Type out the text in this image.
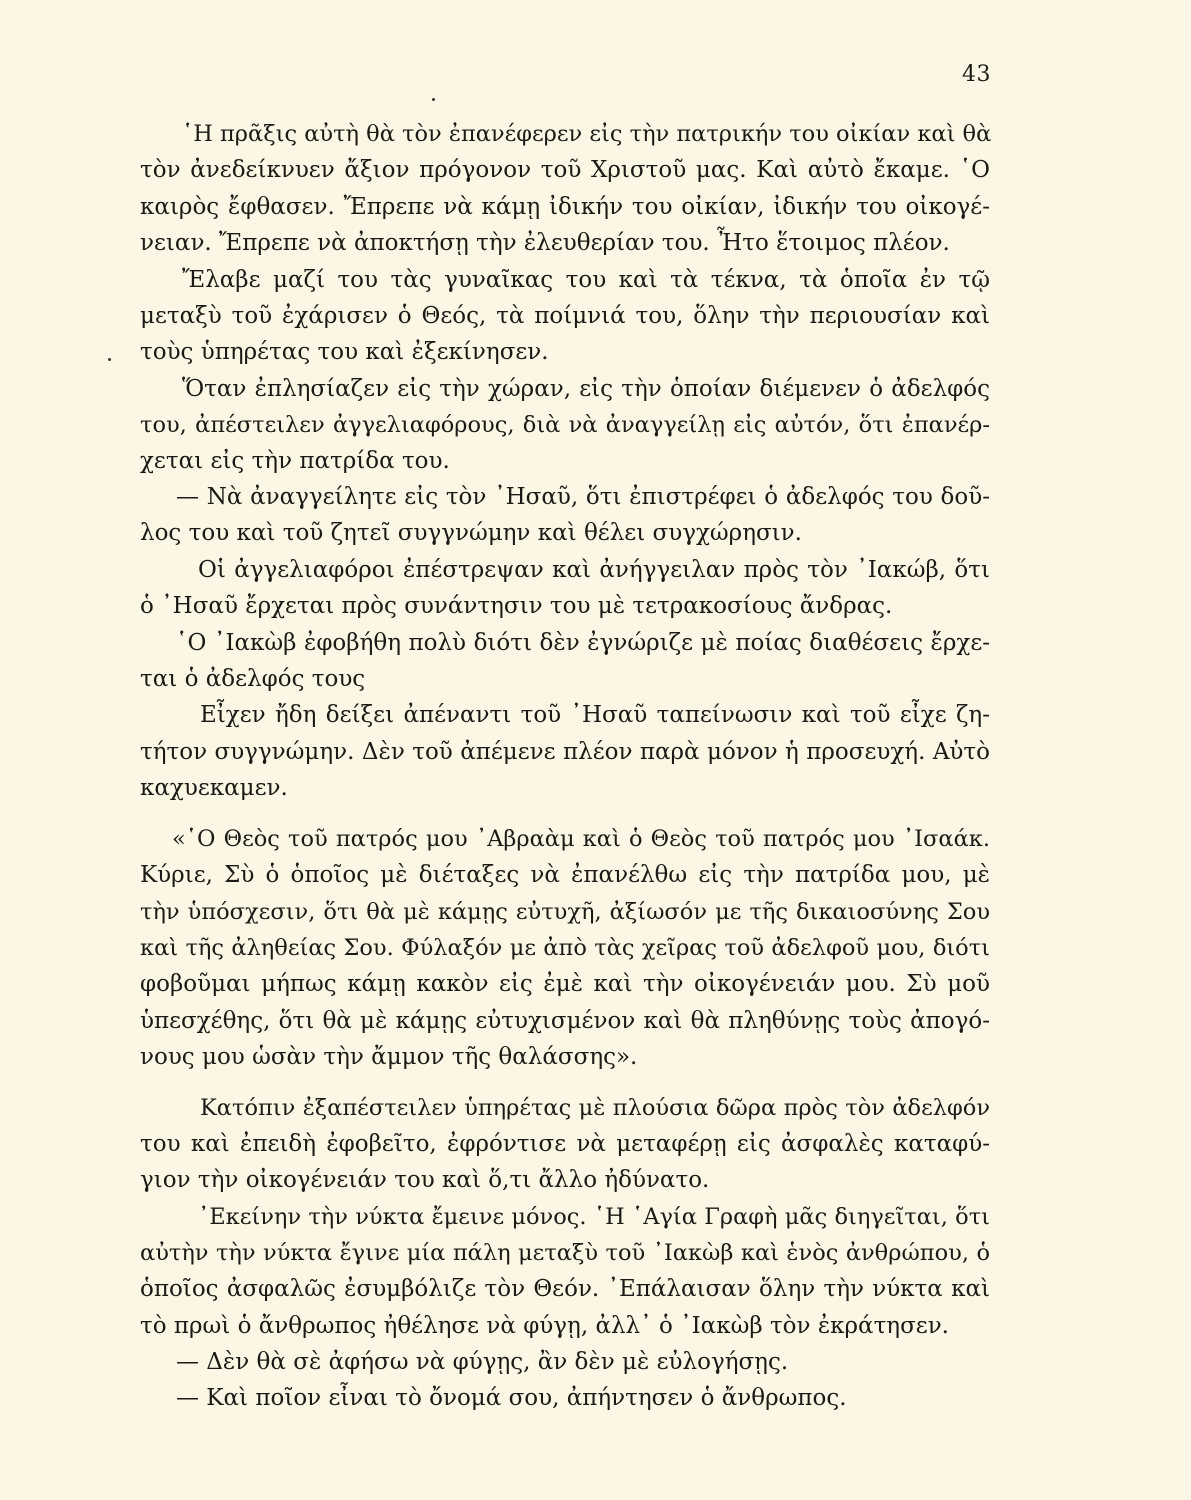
43
῾Η πρᾶξις αὐτὴ θὰ τὸν ἐπανέφερεν εἰς τὴν πατρικήν του οἰκίαν καὶ θὰ
τὸν ἀνεδείκνυεν ἄξιον πρόγονον τοῦ Χριστοῦ μας. Καὶ αὐτὸ ἔκαμε. ῾Ο
καιρὸς ἔφθασεν. Ἔπρεπε νὰ κάμῃ ἰδικήν του οἰκίαν, ἰδικήν του οἰκογέ-
νειαν. Ἔπρεπε νὰ ἀποκτήσῃ τὴν ἐλευθερίαν του. Ἦτο ἕτοιμος πλέον.
Ἔλαβε μαζί του τὰς γυναῖκας του καὶ τὰ τέκνα, τὰ ὁποῖα ἐν τῷ
μεταξὺ τοῦ ἐχάρισεν ὁ Θεός, τὰ ποίμνιά του, ὅλην τὴν περιουσίαν καὶ
τοὺς ὑπηρέτας του καὶ ἐξεκίνησεν.
Ὅταν ἐπλησίαζεν εἰς τὴν χώραν, εἰς τὴν ὁποίαν διέμενεν ὁ ἀδελφός
του, ἀπέστειλεν ἀγγελιαφόρους, διὰ νὰ ἀναγγείλῃ εἰς αὐτόν, ὅτι ἐπανέρ-
χεται εἰς τὴν πατρίδα του.
— Νὰ ἀναγγείλητε εἰς τὸν ᾿Ησαῦ, ὅτι ἐπιστρέφει ὁ ἀδελφός του δοῦ-
λος του καὶ τοῦ ζητεῖ συγγνώμην καὶ θέλει συγχώρησιν.
Οἱ ἀγγελιαφόροι ἐπέστρεψαν καὶ ἀνήγγειλαν πρὸς τὸν ᾿Ιακώβ, ὅτι
ὁ ᾿Ησαῦ ἔρχεται πρὸς συνάντησιν του μὲ τετρακοσίους ἄνδρας.
῾Ο ᾿Ιακὼβ ἐφοβήθη πολὺ διότι δὲν ἐγνώριζε μὲ ποίας διαθέσεις ἔρχε-
ται ὁ ἀδελφός τους
Εἶχεν ἤδη δείξει ἀπέναντι τοῦ ᾿Ησαῦ ταπείνωσιν καὶ τοῦ εἶχε ζη-
τήτον συγγνώμην. Δὲν τοῦ ἀπέμενε πλέον παρὰ μόνον ἡ προσευχή. Αὐτὸ
καχυεκαμεν.
«῾Ο Θεὸς τοῦ πατρός μου ᾿Αβραὰμ καὶ ὁ Θεὸς τοῦ πατρός μου ᾿Ισαάκ.
Κύριε, Σὺ ὁ ὁποῖος μὲ διέταξες νὰ ἐπανέλθω εἰς τὴν πατρίδα μου, μὲ
τὴν ὑπόσχεσιν, ὅτι θὰ μὲ κάμῃς εὐτυχῆ, ἀξίωσόν με τῆς δικαιοσύνης Σου
καὶ τῆς ἀληθείας Σου. Φύλαξόν με ἀπὸ τὰς χεῖρας τοῦ ἀδελφοῦ μου, διότι
φοβοῦμαι μήπως κάμῃ κακὸν εἰς ἐμὲ καὶ τὴν οἰκογένειάν μου. Σὺ μοῦ
ὑπεσχέθης, ὅτι θὰ μὲ κάμῃς εὐτυχισμένον καὶ θὰ πληθύνῃς τοὺς ἀπογό-
νους μου ὡσὰν τὴν ἄμμον τῆς θαλάσσης».
Κατόπιν ἐξαπέστειλεν ὑπηρέτας μὲ πλούσια δῶρα πρὸς τὸν ἀδελφόν
του καὶ ἐπειδὴ ἐφοβεῖτο, ἐφρόντισε νὰ μεταφέρῃ εἰς ἀσφαλὲς καταφύ-
γιον τὴν οἰκογένειάν του καὶ ὅ,τι ἄλλο ἠδύνατο.
᾿Εκείνην τὴν νύκτα ἔμεινε μόνος. ῾Η ῾Αγία Γραφὴ μᾶς διηγεῖται, ὅτι
αὐτὴν τὴν νύκτα ἔγινε μία πάλη μεταξὺ τοῦ ᾿Ιακὼβ καὶ ἑνὸς ἀνθρώπου, ὁ
ὁποῖος ἀσφαλῶς ἐσυμβόλιζε τὸν Θεόν. ᾿Επάλαισαν ὅλην τὴν νύκτα καὶ
τὸ πρωὶ ὁ ἄνθρωπος ἠθέλησε νὰ φύγῃ, ἀλλ᾿ ὁ ᾿Ιακὼβ τὸν ἐκράτησεν.
— Δὲν θὰ σὲ ἀφήσω νὰ φύγῃς, ἂν δὲν μὲ εὐλογήσῃς.
— Καὶ ποῖον εἶναι τὸ ὄνομά σου, ἀπήντησεν ὁ ἄνθρωπος.
